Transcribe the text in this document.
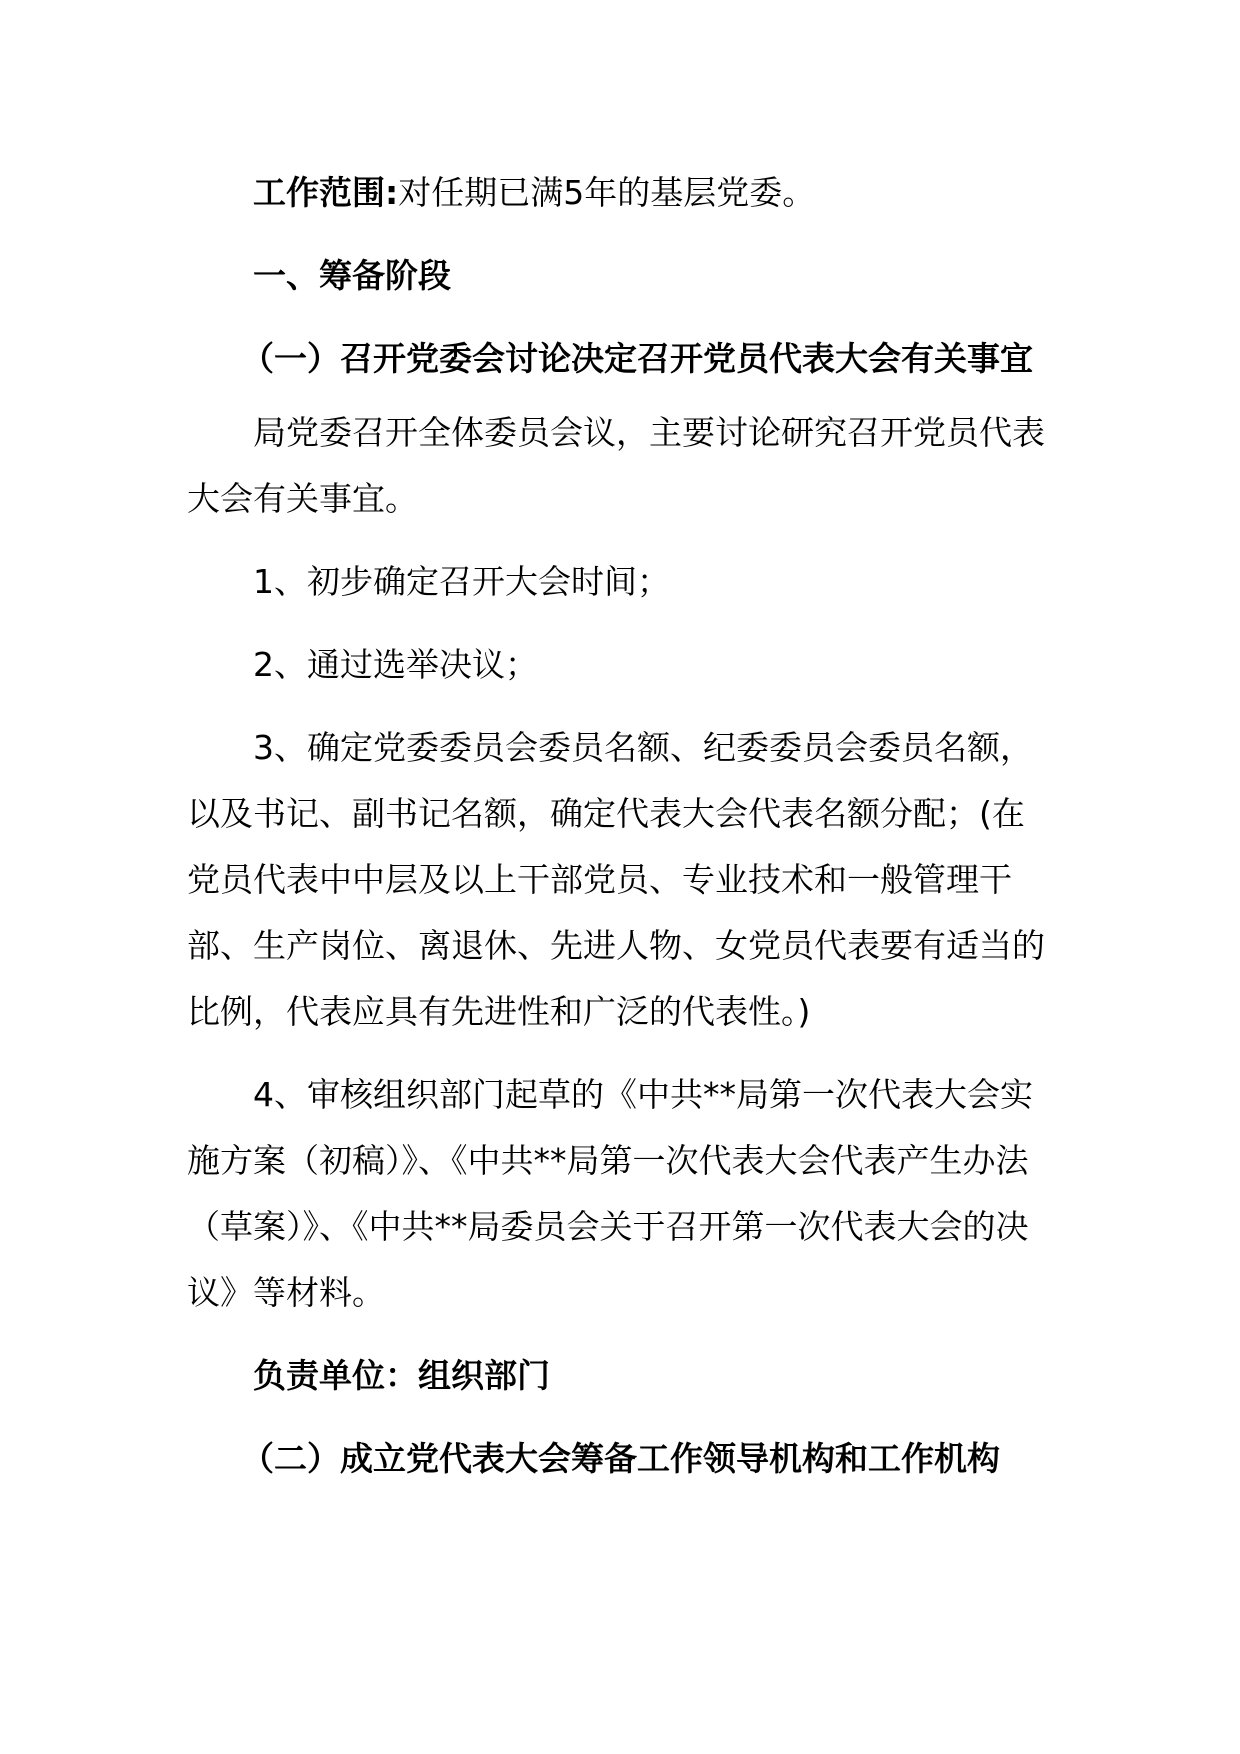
工作范围:对任期已满5年的基层党委。

一、筹备阶段

（一）召开党委会讨论决定召开党员代表大会有关事宜

局党委召开全体委员会议，主要讨论研究召开党员代表大会有关事宜。

1、初步确定召开大会时间；

2、通过选举决议；

3、确定党委委员会委员名额、纪委委员会委员名额，以及书记、副书记名额，确定代表大会代表名额分配；(在党员代表中中层及以上干部党员、专业技术和一般管理干部、生产岗位、离退休、先进人物、女党员代表要有适当的比例，代表应具有先进性和广泛的代表性。)

4、审核组织部门起草的《中共**局第一次代表大会实施方案（初稿）》、《中共**局第一次代表大会代表产生办法（草案）》、《中共**局委员会关于召开第一次代表大会的决议》等材料。

负责单位：组织部门

（二）成立党代表大会筹备工作领导机构和工作机构
